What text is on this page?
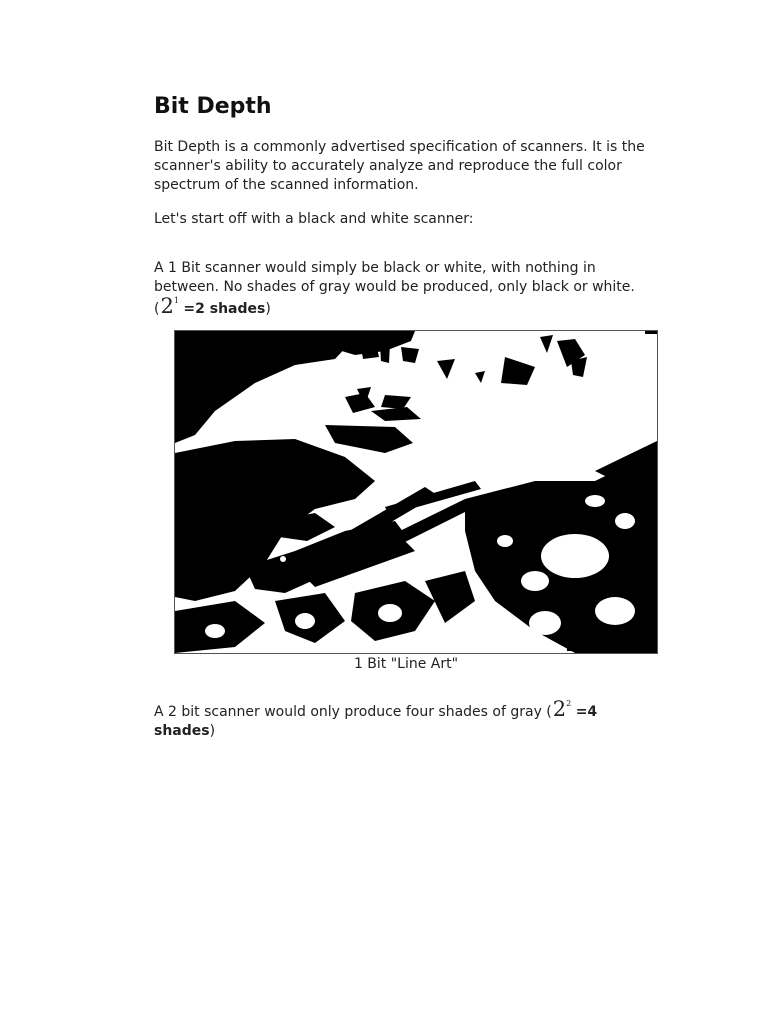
Bit Depth

Bit Depth is a commonly advertised specification of scanners. It is the scanner's ability to accurately analyze and reproduce the full color spectrum of the scanned information.

Let's start off with a black and white scanner:

A 1 Bit scanner would simply be black or white, with nothing in between. No shades of gray would be produced, only black or white. ($2^1 =2$ shades)

1 Bit "Line Art"

A 2 bit scanner would only produce four shades of gray ($2^2 =4$ shades)
